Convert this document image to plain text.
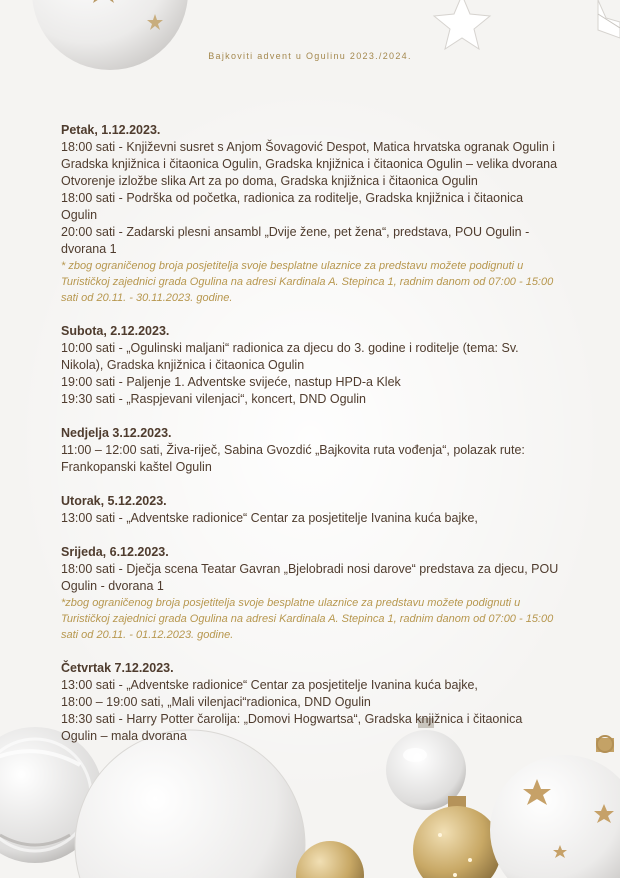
Bajkoviti advent u Ogulinu 2023./2024.
Petak, 1.12.2023.
18:00 sati - Književni susret s Anjom Šovagović Despot, Matica hrvatska ogranak Ogulin i Gradska knjižnica i čitaonica Ogulin, Gradska knjižnica i čitaonica Ogulin – velika dvorana
Otvorenje izložbe slika Art za po doma, Gradska knjižnica i čitaonica Ogulin
18:00 sati - Podrška od početka, radionica za roditelje, Gradska knjižnica i čitaonica Ogulin
20:00 sati - Zadarski plesni ansambl „Dvije žene, pet žena“, predstava, POU Ogulin - dvorana 1
* zbog ograničenog broja posjetitelja svoje besplatne ulaznice za predstavu možete podignuti u Turističkoj zajednici grada Ogulina na adresi Kardinala A. Stepinca 1, radnim danom od 07:00 - 15:00 sati od 20.11. - 30.11.2023. godine.
Subota, 2.12.2023.
10:00 sati - „Ogulinski maljani“ radionica za djecu do 3. godine i roditelje (tema: Sv. Nikola), Gradska knjižnica i čitaonica Ogulin
19:00 sati - Paljenje 1. Adventske svijeće, nastup HPD-a Klek
19:30 sati - „Raspjevani vilenjaci“, koncert, DND Ogulin
Nedjelja 3.12.2023.
11:00 – 12:00 sati, Živa-riječ, Sabina Gvozdić „Bajkovita ruta vođenja“, polazak rute: Frankopanski kaštel Ogulin
Utorak, 5.12.2023.
13:00 sati - „Adventske radionice“ Centar za posjetitelje Ivanina kuća bajke,
Srijeda, 6.12.2023.
18:00 sati - Dječja scena Teatar Gavran „Bjelobradi nosi darove“ predstava za djecu, POU Ogulin - dvorana 1
*zbog ograničenog broja posjetitelja svoje besplatne ulaznice za predstavu možete podignuti u Turističkoj zajednici grada Ogulina na adresi Kardinala A. Stepinca 1, radnim danom od 07:00 - 15:00 sati od 20.11. - 01.12.2023. godine.
Četvrtak 7.12.2023.
13:00 sati - „Adventske radionice“ Centar za posjetitelje Ivanina kuća bajke,
18:00 – 19:00 sati, „Mali vilenjaci“radionica, DND Ogulin
18:30 sati - Harry Potter čarolija: „Domovi Hogwartsa“, Gradska knjižnica i čitaonica Ogulin – mala dvorana
